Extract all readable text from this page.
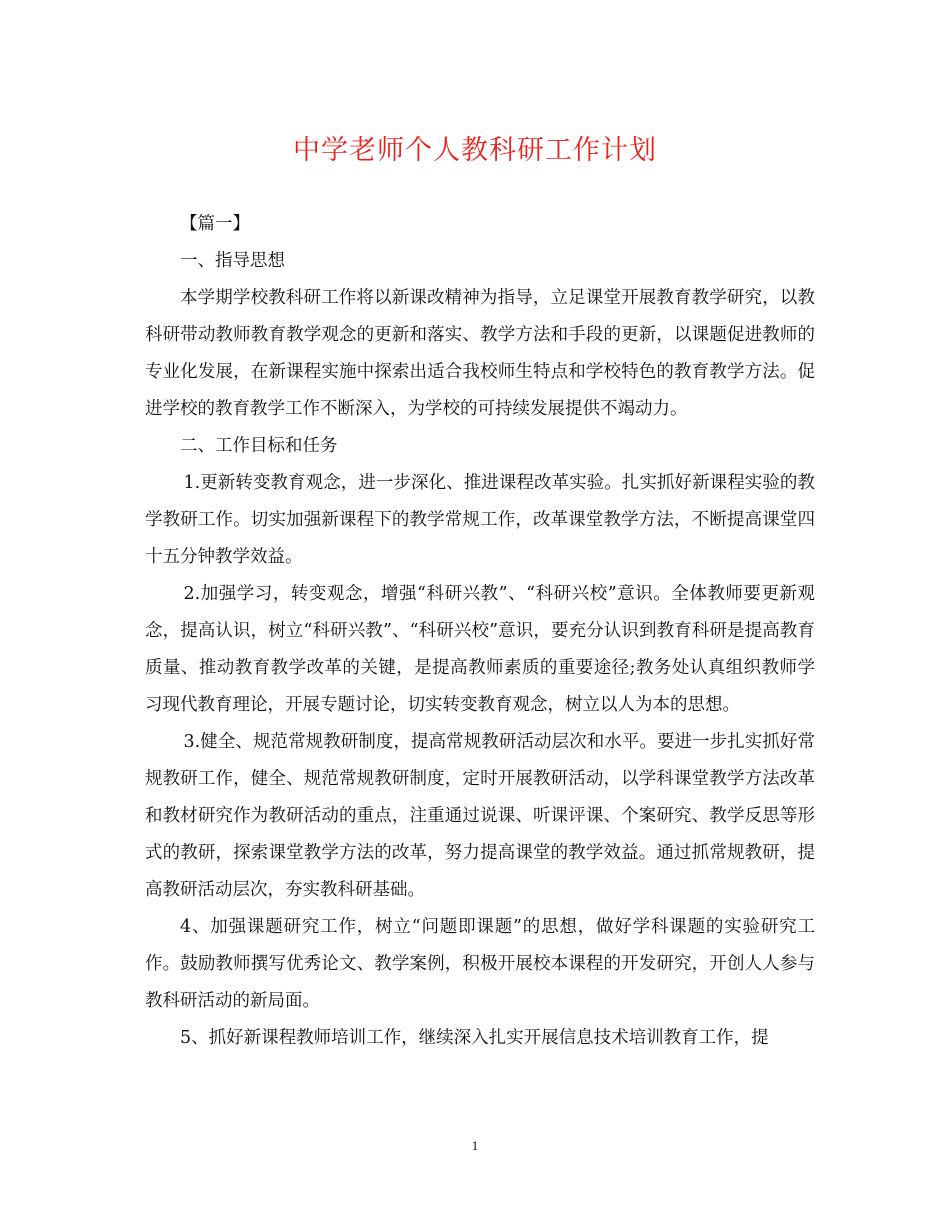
中学老师个人教科研工作计划

【篇一】

一、指导思想

本学期学校教科研工作将以新课改精神为指导，立足课堂开展教育教学研究，以教科研带动教师教育教学观念的更新和落实、教学方法和手段的更新，以课题促进教师的专业化发展，在新课程实施中探索出适合我校师生特点和学校特色的教育教学方法。促进学校的教育教学工作不断深入，为学校的可持续发展提供不竭动力。

二、工作目标和任务

1.更新转变教育观念，进一步深化、推进课程改革实验。扎实抓好新课程实验的教学教研工作。切实加强新课程下的教学常规工作，改革课堂教学方法，不断提高课堂四十五分钟教学效益。

2.加强学习，转变观念，增强“科研兴教”、“科研兴校”意识。全体教师要更新观念，提高认识，树立“科研兴教”、“科研兴校”意识，要充分认识到教育科研是提高教育质量、推动教育教学改革的关键，是提高教师素质的重要途径;教务处认真组织教师学习现代教育理论，开展专题讨论，切实转变教育观念，树立以人为本的思想。

3.健全、规范常规教研制度，提高常规教研活动层次和水平。要进一步扎实抓好常规教研工作，健全、规范常规教研制度，定时开展教研活动，以学科课堂教学方法改革和教材研究作为教研活动的重点，注重通过说课、听课评课、个案研究、教学反思等形式的教研，探索课堂教学方法的改革，努力提高课堂的教学效益。通过抓常规教研，提高教研活动层次，夯实教科研基础。

4、加强课题研究工作，树立“问题即课题”的思想，做好学科课题的实验研究工作。鼓励教师撰写优秀论文、教学案例，积极开展校本课程的开发研究，开创人人参与教科研活动的新局面。

5、抓好新课程教师培训工作，继续深入扎实开展信息技术培训教育工作，提

1
